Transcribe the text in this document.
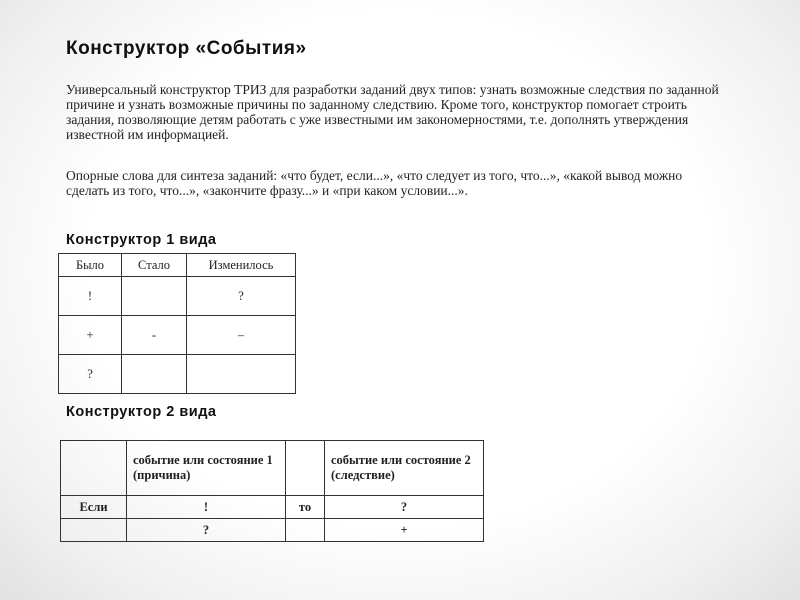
Конструктор «События»

Универсальный конструктор ТРИЗ для разработки заданий двух типов: узнать возможные следствия по заданной причине и узнать возможные причины по заданному следствию. Кроме того, конструктор помогает строить задания, позволяющие детям работать с уже известными им закономерностями, т.е. дополнять утверждения известной им информацией.

Опорные слова для синтеза заданий: «что будет, если...», «что следует из того, что...», «какой вывод можно сделать из того, что...», «закончите фразу...» и «при каком условии...».

Конструктор 1 вида
Было	Стало	Изменилось
!		?
+	-	–
?		
Конструктор 2 вида
	событие или состояние 1 (причина)		событие или состояние 2 (следствие)
Если	!	то	?
	?		+
